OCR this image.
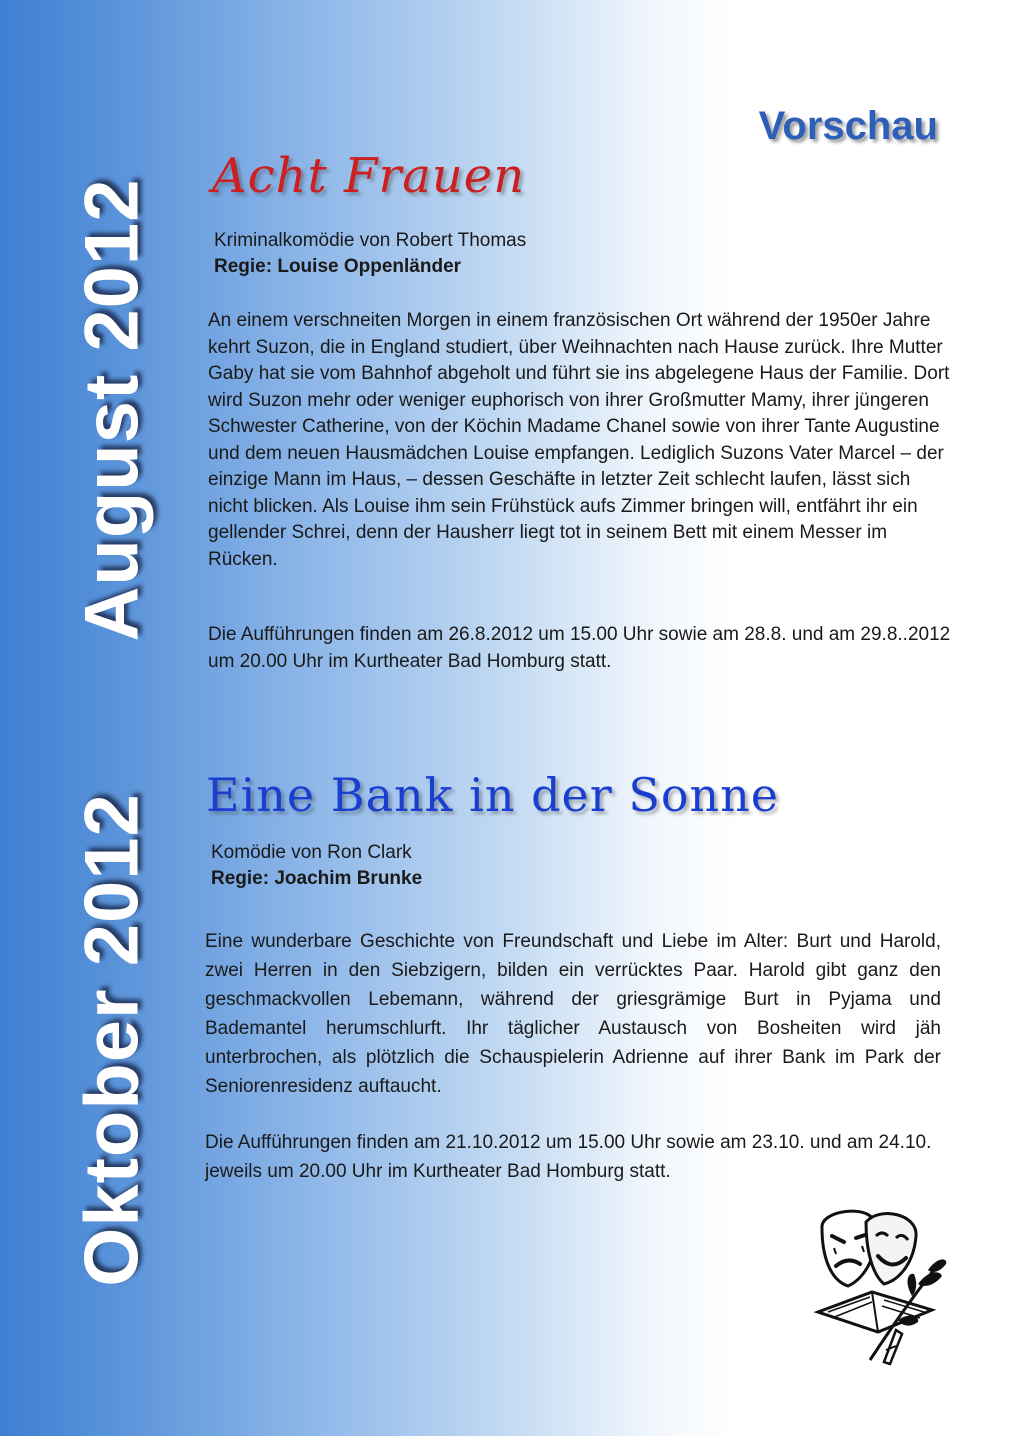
August 2012
Oktober 2012
Vorschau
Acht Frauen
Kriminalkomödie von Robert Thomas
Regie: Louise Oppenländer

An einem verschneiten Morgen in einem französischen Ort während der 1950er Jahre kehrt Suzon, die in England studiert, über Weihnachten nach Hause zurück. Ihre Mutter Gaby hat sie vom Bahnhof abgeholt und führt sie ins abgelegene Haus der Familie. Dort wird Suzon mehr oder weniger euphorisch von ihrer Großmutter Mamy, ihrer jüngeren Schwester Catherine, von der Köchin Madame Chanel sowie von ihrer Tante Augustine und dem neuen Hausmädchen Louise empfangen. Lediglich Suzons Vater Marcel – der einzige Mann im Haus, – dessen Geschäfte in letzter Zeit schlecht laufen, lässt sich nicht blicken. Als Louise ihm sein Frühstück aufs Zimmer bringen will, entfährt ihr ein gellender Schrei, denn der Hausherr liegt tot in seinem Bett mit einem Messer im Rücken.

Die Aufführungen finden am 26.8.2012 um 15.00 Uhr sowie am 28.8. und am 29.8..2012 um 20.00 Uhr im Kurtheater Bad Homburg statt.

Eine Bank in der Sonne
Komödie von Ron Clark
Regie: Joachim Brunke

Eine wunderbare Geschichte von Freundschaft und Liebe im Alter: Burt und Harold, zwei Herren in den Siebzigern, bilden ein verrücktes Paar. Harold gibt ganz den geschmackvollen Lebemann, während der griesgrämige Burt in Pyjama und Bademantel herumschlurft. Ihr täglicher Austausch von Bosheiten wird jäh unterbrochen, als plötzlich die Schauspielerin Adrienne auf ihrer Bank im Park der Seniorenresidenz auftaucht.

Die Aufführungen finden am 21.10.2012 um 15.00 Uhr sowie am 23.10. und am 24.10. jeweils um 20.00 Uhr im Kurtheater Bad Homburg statt.
